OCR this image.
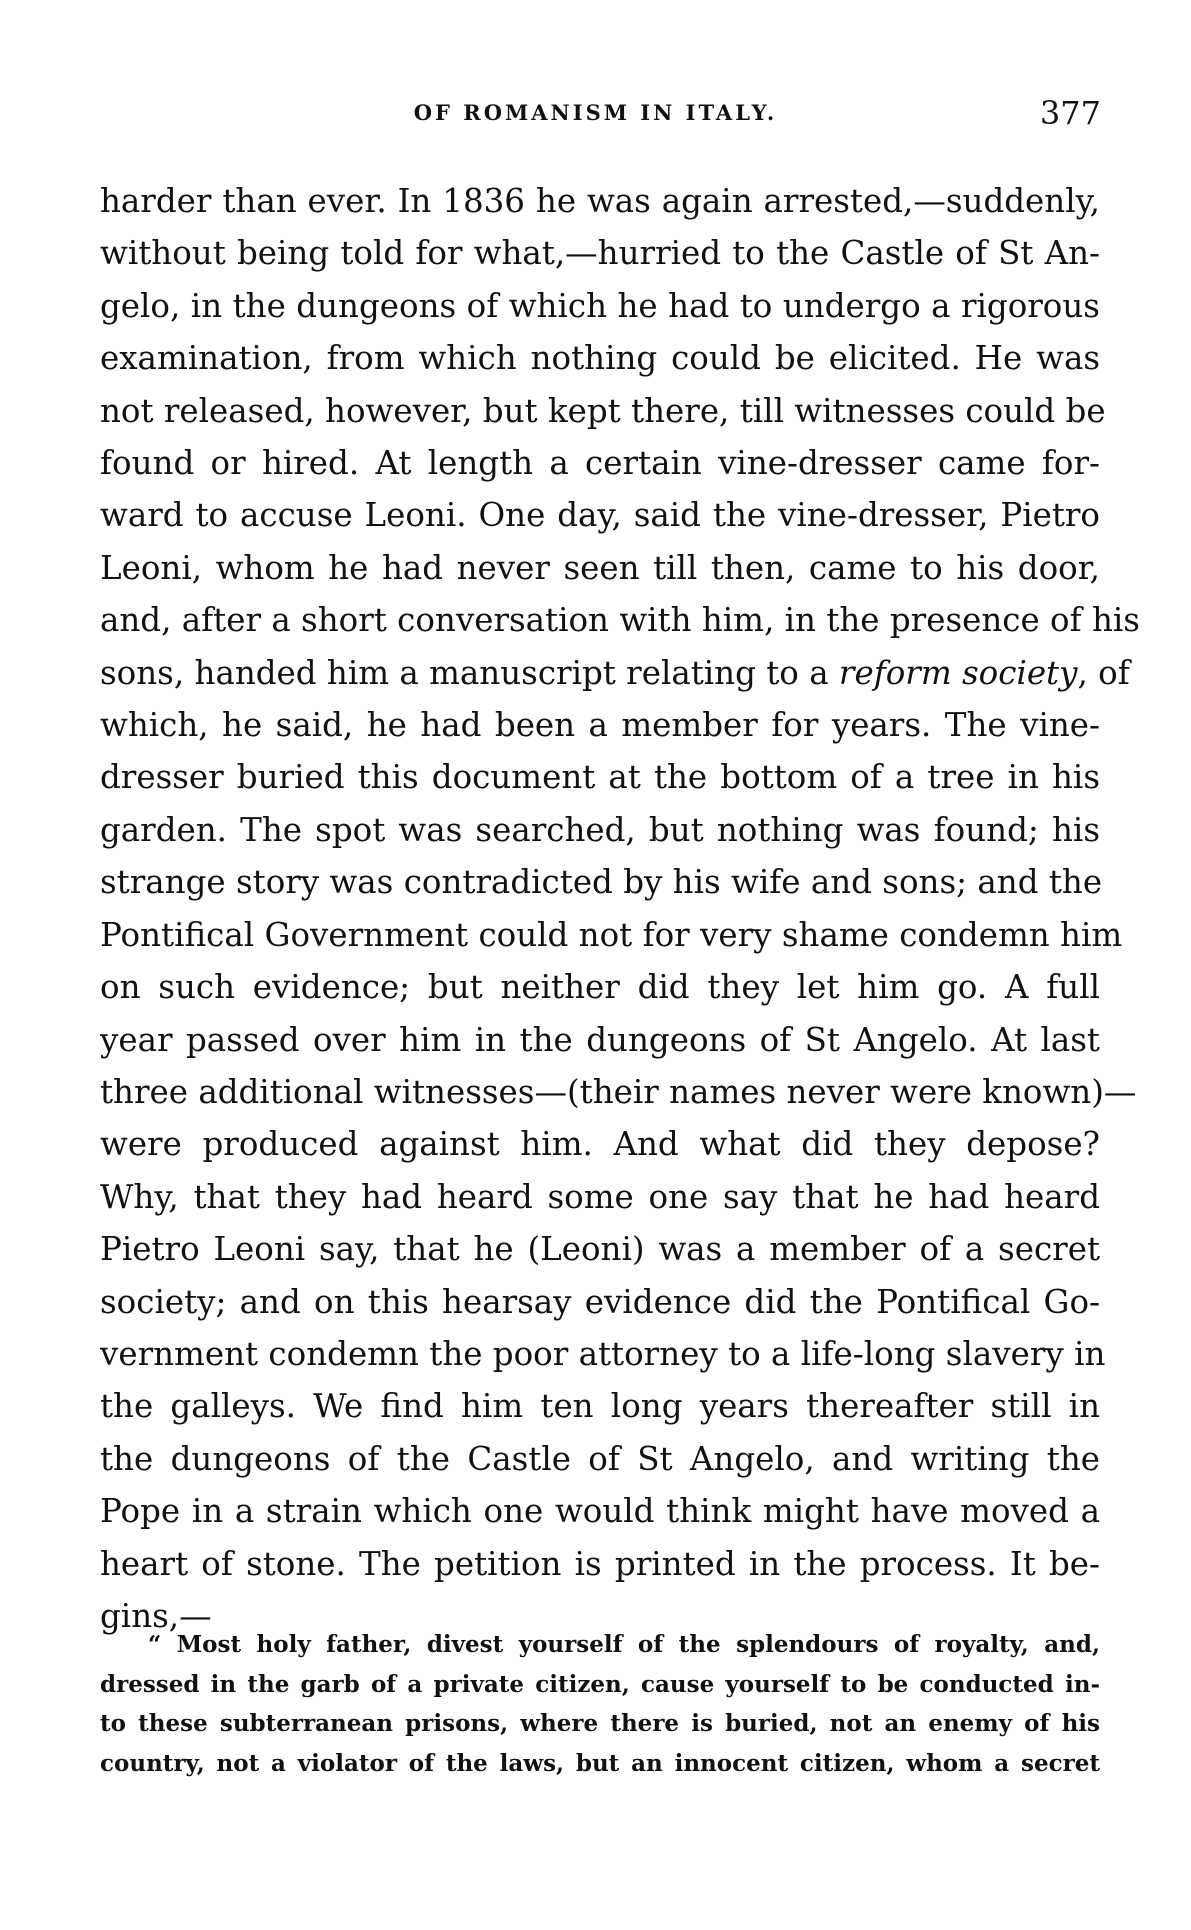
OF ROMANISM IN ITALY.	377
harder than ever. In 1836 he was again arrested,—suddenly,
without being told for what,—hurried to the Castle of St An-
gelo, in the dungeons of which he had to undergo a rigorous
examination, from which nothing could be elicited. He was
not released, however, but kept there, till witnesses could be
found or hired. At length a certain vine-dresser came for-
ward to accuse Leoni. One day, said the vine-dresser, Pietro
Leoni, whom he had never seen till then, came to his door,
and, after a short conversation with him, in the presence of his
sons, handed him a manuscript relating to a reform society, of
which, he said, he had been a member for years. The vine-
dresser buried this document at the bottom of a tree in his
garden. The spot was searched, but nothing was found; his
strange story was contradicted by his wife and sons; and the
Pontifical Government could not for very shame condemn him
on such evidence; but neither did they let him go. A full
year passed over him in the dungeons of St Angelo. At last
three additional witnesses—(their names never were known)—
were produced against him. And what did they depose?
Why, that they had heard some one say that he had heard
Pietro Leoni say, that he (Leoni) was a member of a secret
society; and on this hearsay evidence did the Pontifical Go-
vernment condemn the poor attorney to a life-long slavery in
the galleys. We find him ten long years thereafter still in
the dungeons of the Castle of St Angelo, and writing the
Pope in a strain which one would think might have moved a
heart of stone. The petition is printed in the process. It be-
gins,—
“ Most holy father, divest yourself of the splendours of royalty, and,
dressed in the garb of a private citizen, cause yourself to be conducted in-
to these subterranean prisons, where there is buried, not an enemy of his
country, not a violator of the laws, but an innocent citizen, whom a secret
